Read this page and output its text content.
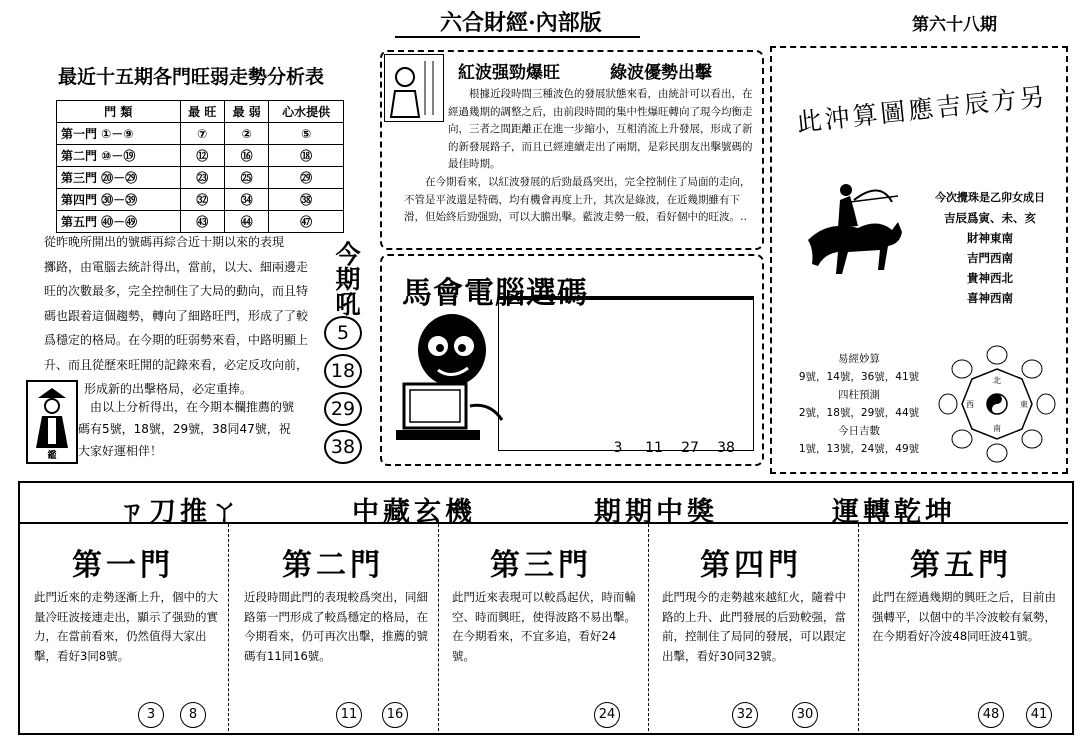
六合財經·內部版	第六十八期
最近十五期各門旺弱走勢分析表
門 類	最 旺	最 弱	心水提供
第一門 ①－⑨	⑦	②	⑤
第二門 ⑩－⑲	⑫	⑯	⑱
第三門 ⑳－㉙	㉓	㉕	㉙
第四門 ㉚－㊴	㉜	㉞	㊳
第五門 ㊵－㊾	㊸	㊹	㊼

從昨晚所開出的號碼再綜合近十期以來的表現

擲路，由電腦去統計得出，當前，以大、細兩邊走

旺的次數最多，完全控制住了大局的動向，而且特

碼也跟着這個趨勢，轉向了細路旺門，形成了了較

爲穩定的格局。在今期的旺弱勢來看，中路明顯上

升、而且從歷來旺開的記錄來看，必定反攻向前，

形成新的出擊格局，必定重捧。

鑑
由以上分析得出，在今期本欄推薦的號
碼有5號，18號，29號，38同47號，祝
大家好運相伴！
今期吼
5
18
29
38
紅波强勁爆旺	綠波優勢出擊

根據近段時間三種波色的發展狀態來看，由統計可以看出，在經過幾期的調整之后，由前段時間的集中性爆旺轉向了現今均衡走向，三者之間距離正在進一步縮小，互相消流上升發展，形成了新的新發展路子，而且已經連續走出了兩期，是彩民朋友出擊號碼的最佳時期。

在今期看來，以紅波發展的后勁最爲突出，完全控制住了局面的走向，不管是平波還是特碼，均有機會再度上升，其次是綠波，在近幾期雖有下滑，但始終后勁强勁，可以大膽出擊。藍波走勢一般，看好個中的旺波。‥

馬會電腦選碼
3 11 27 38
此沖算圖應吉辰方另
今次攪珠是乙卯女成日
吉辰爲寅、未、亥
財神東南
吉門西南
貴神西北
喜神西南
易經妙算
9號，14號，36號，41號
四柱預測
2號，18號，29號，44號
今日吉數
1號，13號，24號，49號
北
東
西
南
ㄗ刀推ㄚ	中藏玄機	期期中獎	運轉乾坤
第一門
此門近來的走勢逐漸上升，個中的大量冷旺波接連走出，顯示了强勁的實力，在當前看來，仍然值得大家出擊，看好3同8號。
3	8
第二門
近段時間此門的表現較爲突出，同細路第一門形成了較爲穩定的格局，在今期看來，仍可再次出擊，推薦的號碼有11同16號。
11	16
第三門
此門近來表現可以較爲起伏，時而輪空、時而興旺，使得波路不易出擊。在今期看來，不宜多追，看好24號。
24
第四門
此門現今的走勢越來越紅火，隨着中路的上升、此門發展的后勁較强，當前，控制住了局同的發展，可以跟定出擊，看好30同32號。
32	30
第五門
此門在經過幾期的興旺之后，目前由强轉平，以個中的半冷波較有氣勢，在今期看好冷波48同旺波41號。
48	41
